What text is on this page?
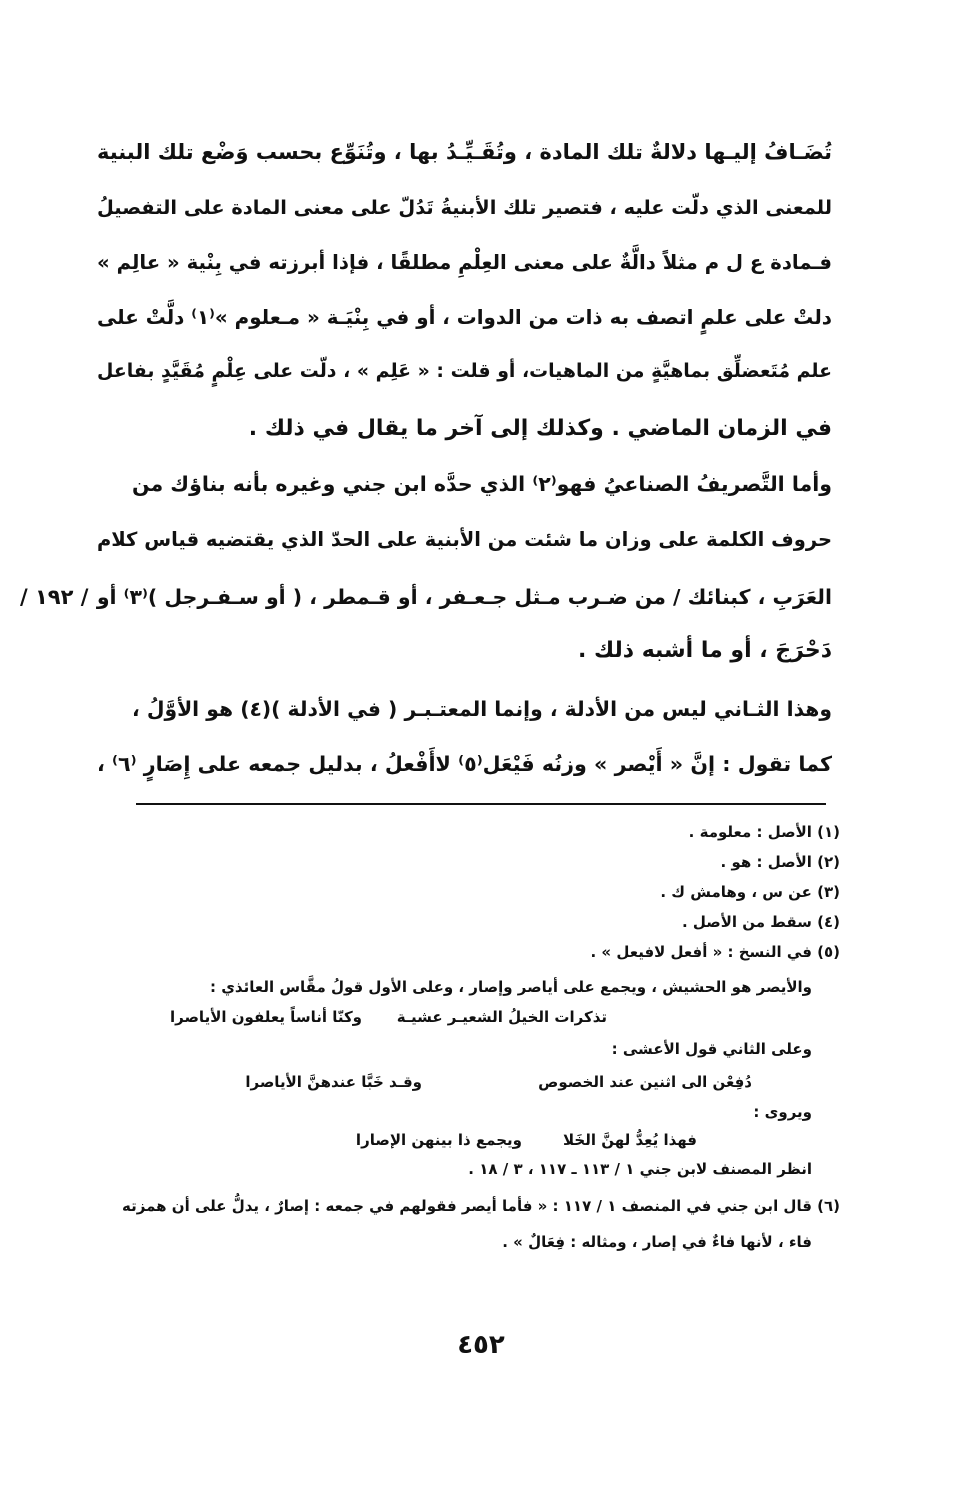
تُضَـافُ إليـها دلالةٌ تلك المادة ، وتُقَـيِّـدُ بها ، وتُنَوِّع بحسب وَضْع تلك البنية
للمعنى الذي دلّت عليه ، فتصير تلك الأبنيةُ تَدُلّ على معنى المادة على التفصيلُ
فـمادة ع ل م مثلاً دالَّةٌ على معنى العِلْمِ مطلقًا ، فإذا أبرزته في بِنْية « عالِم »
دلتْ على علمٍ اتصف به ذات من الدوات ، أو في بِنْيَـة « مـعلوم »⁽١⁾ دلَّتْ على
علم مُتَعضلِّق بماهيَّةٍ من الماهيات، أو قلت : « عَلِم » ، دلّت على عِلْمٍ مُقَيَّدٍ بفاعل
في الزمان الماضي . وكذلك إلى آخر ما يقال في ذلك .
وأما التَّصريفُ الصناعيُ فهو⁽٢⁾ الذي حدَّه ابن جني وغيره بأنه بناؤك من
حروف الكلمة على وزان ما شئت من الأبنية على الحدّ الذي يقتضيه قياس كلام
العَرَبِ ، كبنائك / من ضـرب مـثل جـعـفر ، أو قـمطر ، ( أو سـفـرجل )⁽٣⁾ أو
/ ١٩٢ /
دَحْرَجَ ، أو ما أشبه ذلك .
وهذا الثـاني ليس من الأدلة ، وإنما المعتـبـر ( في الأدلة )(٤) هو الأوَّلُ ،
كما تقول : إنَّ « أَيْصر » وزنُه فَيْعَل⁽٥⁾ لاأَفْعلُ ، بدليل جمعه على إِصَارٍ ⁽٦⁾ ،
(١) الأصل : معلومة .
(٢) الأصل : هو .
(٣) عن س ، وهامش ك .
(٤) سقط من الأصل .
(٥) في النسخ : « أفعل لافيعل » .
والأيصر هو الحشيش ، ويجمع على أياصر وإصار ، وعلى الأول قولُ مقَّاس العائذي :
تذكرات الخيلُ الشعيـر عشيـة
وكنّا أناساً يعلفون الأياصرا
وعلى الثاني قول الأعشى :
دُفِعْن الى اثنين عند الخصوص
وقـد خَبَّا عندهنَّ الأياصرا
ويروى :
فهذا يُعِدُّ لهنَّ الخَلا
ويجمع ذا بينهن الإصارا
انظر المصنف لابن جني ١ / ١١٣ ـ ١١٧ ، ٣ / ١٨ .
(٦) قال ابن جني في المنصف ١ / ١١٧ : « فأما أيصر فقولهم في جمعه : إصارٌ ، يدلُّ على أن همزته
فاء ، لأنها فاءٌ في إصار ، ومثاله : فِعَالٌ » .
٤٥٢
